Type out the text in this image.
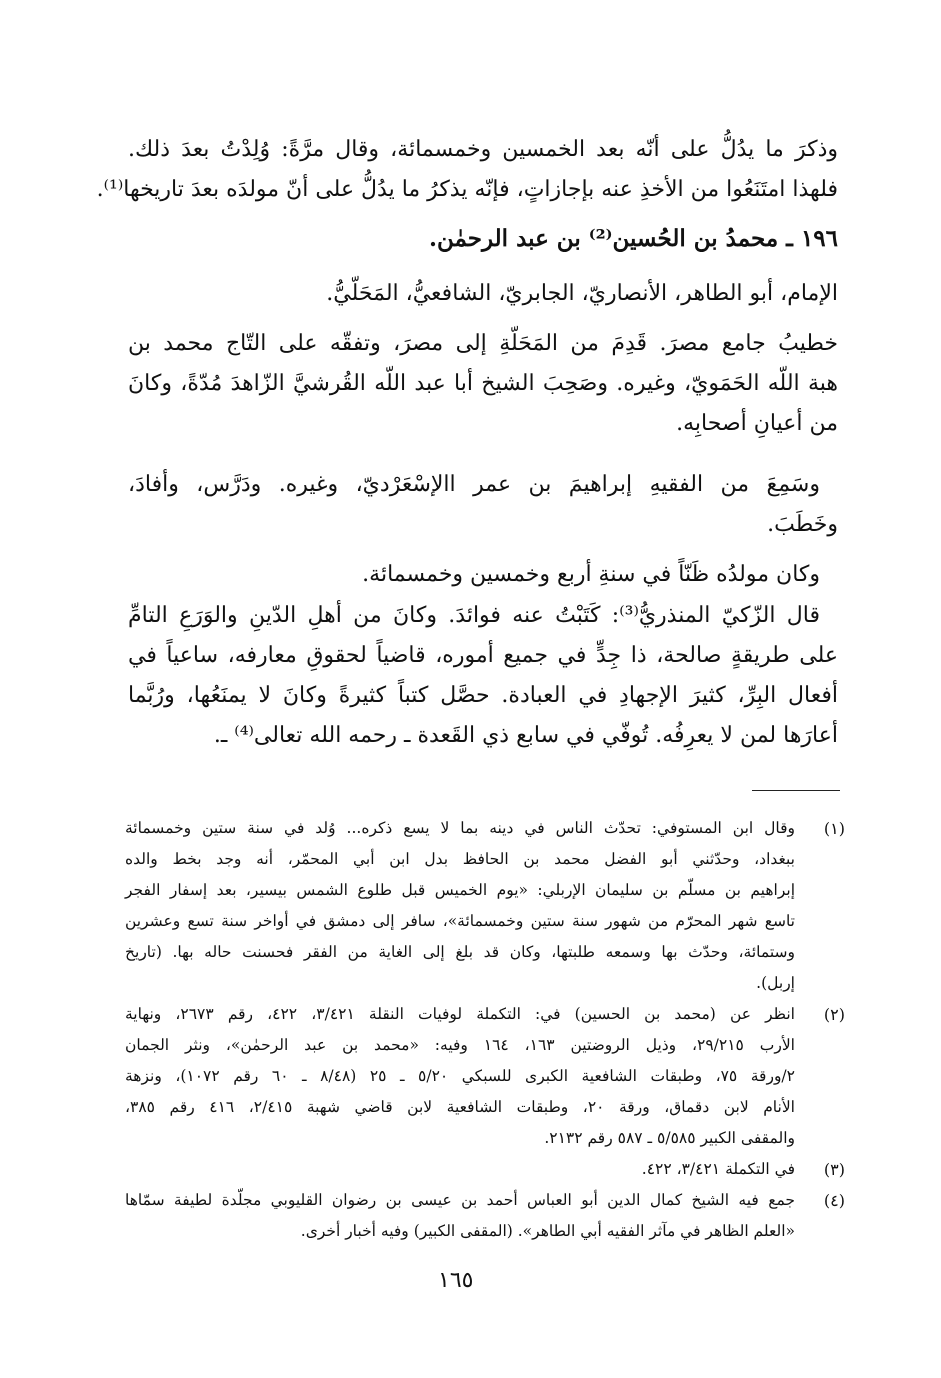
وذكرَ ما يدُلُّ على أنّه بعد الخمسين وخمسمائة، وقال مرَّةً: وُلِدْتُ بعدَ ذلك.
فلهذا امتَنَعُوا من الأخذِ عنه بإجازاتٍ، فإنّه يذكرُ ما يدُلُّ على أنّ مولدَه بعدَ تاريخها⁽¹⁾.
١٩٦ ـ محمدُ بن الحُسين⁽²⁾ بن عبد الرحمٰن.
الإمام، أبو الطاهر، الأنصاريّ، الجابريّ، الشافعيُّ، المَحَلّيُّ.
خطيبُ جامع مصرَ. قَدِمَ من المَحَلّةِ إلى مصرَ، وتفقّه على التّاج محمد بن
هبة اللّه الحَمَويّ، وغيره. وصَحِبَ الشيخ أبا عبد اللّه القُرشيَّ الزّاهدَ مُدّةً، وكانَ
من أعيانِ أصحابِه.
وسَمِعَ من الفقيهِ إبراهيمَ بن عمر االإسْعَرْديّ، وغيره. ودَرَّس، وأفادَ،
وخَطَبَ.
وكان مولدُه ظَنّاً في سنةِ أربع وخمسين وخمسمائة.
قال الزّكيّ المنذريُّ⁽³⁾: كَتَبْتُ عنه فوائدَ. وكانَ من أهلِ الدّينِ والوَرَعِ التامِّ
على طريقةٍ صالحة، ذا جِدٍّ في جميع أموره، قاضياً لحقوقِ معارفه، ساعياً في
أفعال البِرِّ، كثيرَ الإجهادِ في العبادة. حصَّل كتباً كثيرةً وكانَ لا يمنَعُها، ورُبَّما
أعارَها لمن لا يعرِفُه. تُوفّي في سابع ذي القَعدة ـ رحمه الله تعالى⁽⁴⁾ ـ.
(١)
وقال ابن المستوفي: تحدّث الناس في دينه بما لا يسع ذكره... وُلد في سنة ستين وخمسمائة
ببغداد، وحدّثني أبو الفضل محمد بن الحافظ بدل ابن أبي المحمّر، أنه وجد بخط والده
إبراهيم بن مسلّم بن سليمان الإربلي: «يوم الخميس قبل طلوع الشمس بيسير، بعد إسفار الفجر
تاسع شهر المحرّم من شهور سنة ستين وخمسمائة»، سافر إلى دمشق في أواخر سنة تسع وعشرين
وستمائة، وحدّث بها وسمعه طلبتها، وكان قد بلغ إلى الغاية من الفقر فحسنت حاله بها. (تاريخ
إربل).
(٢)
انظر عن (محمد بن الحسين) في: التكملة لوفيات النقلة ٣/٤٢١، ٤٢٢، رقم ٢٦٧٣، ونهاية
الأرب ٢٩/٢١٥، وذيل الروضتين ١٦٣، ١٦٤ وفيه: «محمد بن عبد الرحمٰن»، ونثر الجمان
٢/ورقة ٧٥، وطبقات الشافعية الكبرى للسبكي ٥/٢٠ ـ ٢٥ (٨/٤٨ ـ ٦٠ رقم ١٠٧٢)، ونزهة
الأنام لابن دقماق، ورقة ٢٠، وطبقات الشافعية لابن قاضي شهبة ٢/٤١٥، ٤١٦ رقم ٣٨٥،
والمقفى الكبير ٥/٥٨٥ ـ ٥٨٧ رقم ٢١٣٢.
(٣)
في التكملة ٣/٤٢١، ٤٢٢.
(٤)
جمع فيه الشيخ كمال الدين أبو العباس أحمد بن عيسى بن رضوان القليوبي مجلّدة لطيفة سمّاها
«العلم الظاهر في مآثر الفقيه أبي الطاهر». (المقفى الكبير) وفيه أخبار أخرى.
١٦٥
